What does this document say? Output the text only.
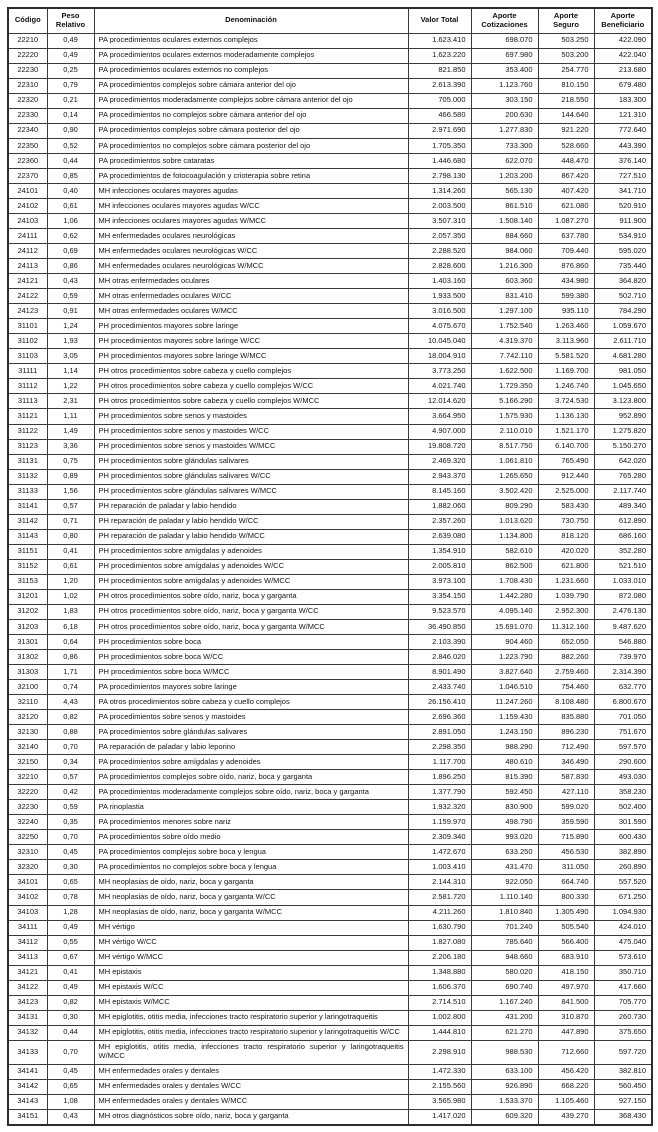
Código	Peso Relativo	Denominación	Valor Total	Aporte Cotizaciones	Aporte Seguro	Aporte Beneficiario
22210	0,49	PA procedimientos oculares externos complejos	1.623.410	698.070	503.250	422.090
22220	0,49	PA procedimientos oculares externos moderadamente complejos	1.623.220	697.980	503.200	422.040
22230	0,25	PA procedimientos oculares externos no complejos	821.850	353.400	254.770	213.680
22310	0,79	PA procedimientos complejos sobre cámara anterior del ojo	2.613.390	1.123.760	810.150	679.480
22320	0,21	PA procedimientos moderadamente complejos sobre cámara anterior del ojo	705.000	303.150	218.550	183.300
22330	0,14	PA procedimientos no complejos sobre cámara anterior del ojo	466.580	200.630	144.640	121.310
22340	0,90	PA procedimientos complejos sobre cámara posterior del ojo	2.971.690	1.277.830	921.220	772.640
22350	0,52	PA procedimientos no complejos sobre cámara posterior del ojo	1.705.350	733.300	528.660	443.390
22360	0,44	PA procedimientos sobre cataratas	1.446.680	622.070	448.470	376.140
22370	0,85	PA procedimientos de fotocoagulación y crioterapia sobre retina	2.798.130	1.203.200	867.420	727.510
24101	0,40	MH infecciones oculares mayores agudas	1.314.260	565.130	407.420	341.710
24102	0,61	MH infecciones oculares mayores agudas W/CC	2.003.500	861.510	621.080	520.910
24103	1,06	MH infecciones oculares mayores agudas W/MCC	3.507.310	1.508.140	1.087.270	911.900
24111	0,62	MH enfermedades oculares neurológicas	2.057.350	884.660	637.780	534.910
24112	0,69	MH enfermedades oculares neurológicas W/CC	2.288.520	984.060	709.440	595.020
24113	0,86	MH enfermedades oculares neurológicas W/MCC	2.828.600	1.216.300	876.860	735.440
24121	0,43	MH otras enfermedades oculares	1.403.160	603.360	434.980	364.820
24122	0,59	MH otras enfermedades oculares W/CC	1.933.500	831.410	599.380	502.710
24123	0,91	MH otras enfermedades oculares W/MCC	3.016.500	1.297.100	935.110	784.290
31101	1,24	PH procedimientos mayores sobre laringe	4.075.670	1.752.540	1.263.460	1.059.670
31102	1,93	PH procedimientos mayores sobre laringe W/CC	10.045.040	4.319.370	3.113.960	2.611.710
31103	3,05	PH procedimientos mayores sobre laringe W/MCC	18.004.910	7.742.110	5.581.520	4.681.280
31111	1,14	PH otros procedimientos sobre cabeza y cuello complejos	3.773.250	1.622.500	1.169.700	981.050
31112	1,22	PH otros procedimientos sobre cabeza y cuello complejos W/CC	4.021.740	1.729.350	1.246.740	1.045.650
31113	2,31	PH otros procedimientos sobre cabeza y cuello complejos W/MCC	12.014.620	5.166.290	3.724.530	3.123.800
31121	1,11	PH procedimientos sobre senos y mastoides	3.664.950	1.575.930	1.136.130	952.890
31122	1,49	PH procedimientos sobre senos y mastoides W/CC	4.907.000	2.110.010	1.521.170	1.275.820
31123	3,36	PH procedimientos sobre senos y mastoides W/MCC	19.808.720	8.517.750	6.140.700	5.150.270
31131	0,75	PH procedimientos sobre glándulas salivares	2.469.320	1.061.810	765.490	642.020
31132	0,89	PH procedimientos sobre glándulas salivares W/CC	2.943.370	1.265.650	912.440	765.280
31133	1,56	PH procedimientos sobre glándulas salivares W/MCC	8.145.160	3.502.420	2.525.000	2.117.740
31141	0,57	PH reparación de paladar y labio hendido	1.882.060	809.290	583.430	489.340
31142	0,71	PH reparación de paladar y labio hendido W/CC	2.357.260	1.013.620	730.750	612.890
31143	0,80	PH reparación de paladar y labio hendido W/MCC	2.639.080	1.134.800	818.120	686.160
31151	0,41	PH procedimientos sobre amígdalas y adenoides	1.354.910	582.610	420.020	352.280
31152	0,61	PH procedimientos sobre amígdalas y adenoides W/CC	2.005.810	862.500	621.800	521.510
31153	1,20	PH procedimientos sobre amígdalas y adenoides W/MCC	3.973.100	1.708.430	1.231.660	1.033.010
31201	1,02	PH otros procedimientos sobre oído, nariz, boca y garganta	3.354.150	1.442.280	1.039.790	872.080
31202	1,83	PH otros procedimientos sobre oído, nariz, boca y garganta W/CC	9.523.570	4.095.140	2.952.300	2.476.130
31203	6,18	PH otros procedimientos sobre oído, nariz, boca y garganta W/MCC	36.490.850	15.691.070	11.312.160	9.487.620
31301	0,64	PH procedimientos sobre boca	2.103.390	904.460	652.050	546.880
31302	0,86	PH procedimientos sobre boca W/CC	2.846.020	1.223.790	882.260	739.970
31303	1,71	PH procedimientos sobre boca W/MCC	8.901.490	3.827.640	2.759.460	2.314.390
32100	0,74	PA procedimientos mayores sobre laringe	2.433.740	1.046.510	754.460	632.770
32110	4,43	PA otros procedimientos sobre cabeza y cuello complejos	26.156.410	11.247.260	8.108.480	6.800.670
32120	0,82	PA procedimientos sobre senos y mastoides	2.696.360	1.159.430	835.880	701.050
32130	0,88	PA procedimientos sobre glándulas salivares	2.891.050	1.243.150	896.230	751.670
32140	0,70	PA reparación de paladar y labio leporino	2.298.350	988.290	712.490	597.570
32150	0,34	PA procedimientos sobre amígdalas y adenoides	1.117.700	480.610	346.490	290.600
32210	0,57	PA procedimientos complejos sobre oído, nariz, boca y garganta	1.896.250	815.390	587.830	493.030
32220	0,42	PA procedimientos moderadamente complejos sobre oído, nariz, boca y garganta	1.377.790	592.450	427.110	358.230
32230	0,59	PA rinoplastia	1.932.320	830.900	599.020	502.400
32240	0,35	PA procedimientos menores sobre nariz	1.159.970	498.790	359.590	301.590
32250	0,70	PA procedimientos sobre oído medio	2.309.340	993.020	715.890	600.430
32310	0,45	PA procedimientos complejos sobre boca y lengua	1.472.670	633.250	456.530	382.890
32320	0,30	PA procedimientos no complejos sobre boca y lengua	1.003.410	431.470	311.050	260.890
34101	0,65	MH neoplasias de oído, nariz, boca y garganta	2.144.310	922.050	664.740	557.520
34102	0,78	MH neoplasias de oído, nariz, boca y garganta W/CC	2.581.720	1.110.140	800.330	671.250
34103	1,28	MH neoplasias de oído, nariz, boca y garganta W/MCC	4.211.260	1.810.840	1.305.490	1.094.930
34111	0,49	MH vértigo	1.630.790	701.240	505.540	424.010
34112	0,55	MH vértigo W/CC	1.827.080	785.640	566.400	475.040
34113	0,67	MH vértigo W/MCC	2.206.180	948.660	683.910	573.610
34121	0,41	MH epistaxis	1.348.880	580.020	418.150	350.710
34122	0,49	MH epistaxis W/CC	1.606.370	690.740	497.970	417.660
34123	0,82	MH epistaxis W/MCC	2.714.510	1.167.240	841.500	705.770
34131	0,30	MH epiglotitis, otitis media, infecciones tracto respiratorio superior y laringotraqueitis	1.002.800	431.200	310.870	260.730
34132	0,44	MH epiglotitis, otitis media, infecciones tracto respiratorio superior y laringotraqueitis W/CC	1.444.810	621.270	447.890	375.650
34133	0,70	MH epiglotitis, otitis media, infecciones tracto respiratorio superior y laringotraqueitis W/MCC	2.298.910	988.530	712.660	597.720
34141	0,45	MH enfermedades orales y dentales	1.472.330	633.100	456.420	382.810
34142	0,65	MH enfermedades orales y dentales W/CC	2.155.560	926.890	668.220	560.450
34143	1,08	MH enfermedades orales y dentales W/MCC	3.565.980	1.533.370	1.105.460	927.150
34151	0,43	MH otros diagnósticos sobre oído, nariz, boca y garganta	1.417.020	609.320	439.270	368.430
